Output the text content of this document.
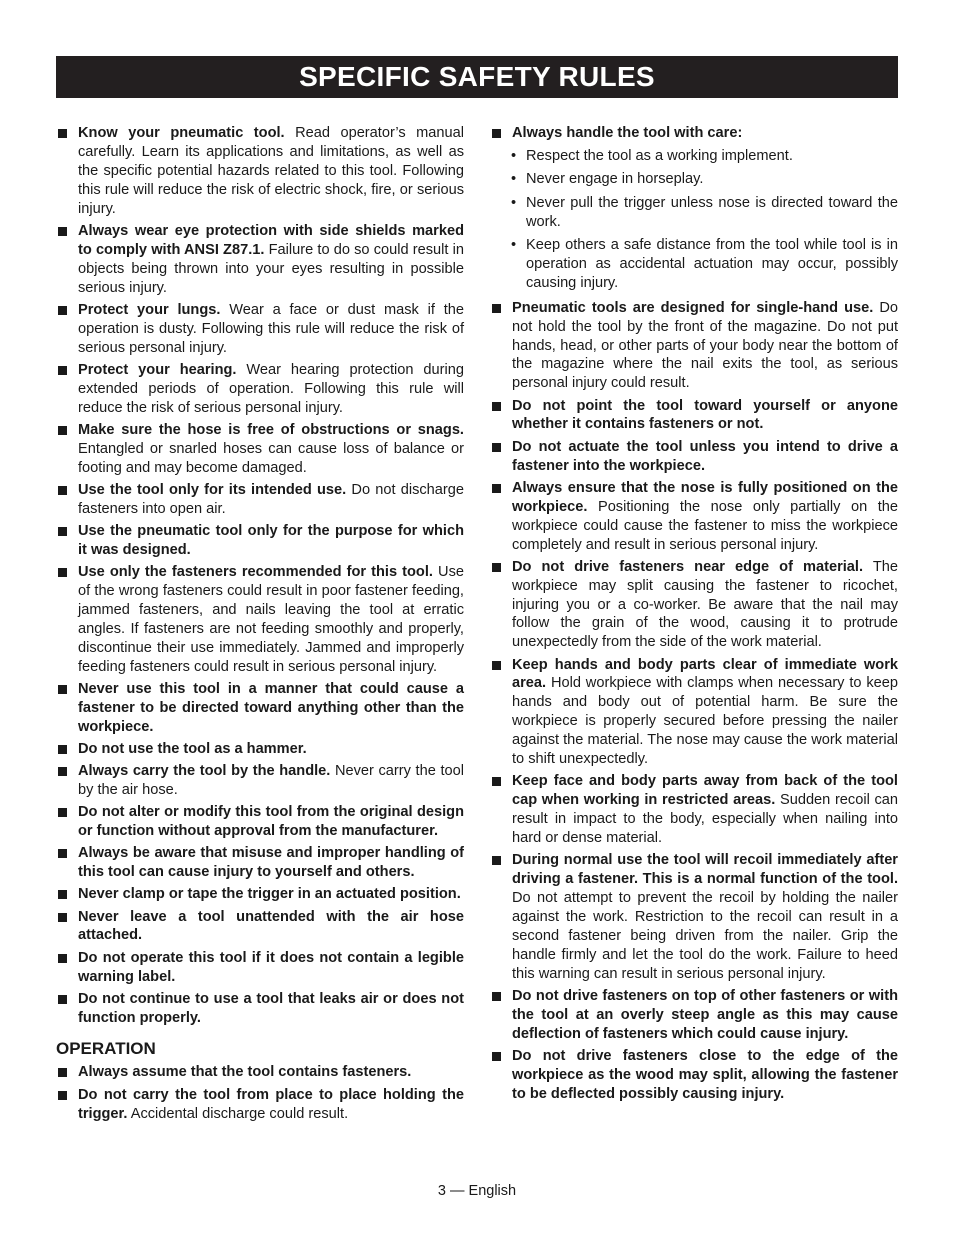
SPECIFIC SAFETY RULES
Know your pneumatic tool. Read operator’s manual carefully. Learn its applications and limitations, as well as the specific potential hazards related to this tool. Following this rule will reduce the risk of electric shock, fire, or serious injury.
Always wear eye protection with side shields marked to comply with ANSI Z87.1. Failure to do so could result in objects being thrown into your eyes resulting in possible serious injury.
Protect your lungs. Wear a face or dust mask if the operation is dusty. Following this rule will reduce the risk of serious personal injury.
Protect your hearing. Wear hearing protection during extended periods of operation. Following this rule will reduce the risk of serious personal injury.
Make sure the hose is free of obstructions or snags. Entangled or snarled hoses can cause loss of balance or footing and may become damaged.
Use the tool only for its intended use. Do not discharge fasteners into open air.
Use the pneumatic tool only for the purpose for which it was designed.
Use only the fasteners recommended for this tool. Use of the wrong fasteners could result in poor fastener feeding, jammed fasteners, and nails leaving the tool at erratic angles. If fasteners are not feeding smoothly and properly, discontinue their use immediately. Jammed and improperly feeding fasteners could result in serious personal injury.
Never use this tool in a manner that could cause a fastener to be directed toward anything other than the workpiece.
Do not use the tool as a hammer.
Always carry the tool by the handle. Never carry the tool by the air hose.
Do not alter or modify this tool from the original design or function without approval from the manufacturer.
Always be aware that misuse and improper handling of this tool can cause injury to yourself and others.
Never clamp or tape the trigger in an actuated position.
Never leave a tool unattended with the air hose attached.
Do not operate this tool if it does not contain a legible warning label.
Do not continue to use a tool that leaks air or does not function properly.
OPERATION
Always assume that the tool contains fasteners.
Do not carry the tool from place to place holding the trigger. Accidental discharge could result.
Always handle the tool with care:
• Respect the tool as a working implement.
• Never engage in horseplay.
• Never pull the trigger unless nose is directed toward the work.
• Keep others a safe distance from the tool while tool is in operation as accidental actuation may occur, possibly causing injury.
Pneumatic tools are designed for single-hand use. Do not hold the tool by the front of the magazine. Do not put hands, head, or other parts of your body near the bottom of the magazine where the nail exits the tool, as serious personal injury could result.
Do not point the tool toward yourself or anyone whether it contains fasteners or not.
Do not actuate the tool unless you intend to drive a fastener into the workpiece.
Always ensure that the nose is fully positioned on the workpiece. Positioning the nose only partially on the workpiece could cause the fastener to miss the workpiece completely and result in serious personal injury.
Do not drive fasteners near edge of material. The workpiece may split causing the fastener to ricochet, injuring you or a co-worker. Be aware that the nail may follow the grain of the wood, causing it to protrude unexpectedly from the side of the work material.
Keep hands and body parts clear of immediate work area. Hold workpiece with clamps when necessary to keep hands and body out of potential harm. Be sure the workpiece is properly secured before pressing the nailer against the material. The nose may cause the work material to shift unexpectedly.
Keep face and body parts away from back of the tool cap when working in restricted areas. Sudden recoil can result in impact to the body, especially when nailing into hard or dense material.
During normal use the tool will recoil immediately after driving a fastener. This is a normal function of the tool. Do not attempt to prevent the recoil by holding the nailer against the work. Restriction to the recoil can result in a second fastener being driven from the nailer. Grip the handle firmly and let the tool do the work. Failure to heed this warning can result in serious personal injury.
Do not drive fasteners on top of other fasteners or with the tool at an overly steep angle as this may cause deflection of fasteners which could cause injury.
Do not drive fasteners close to the edge of the workpiece as the wood may split, allowing the fastener to be deflected possibly causing injury.
3 — English
